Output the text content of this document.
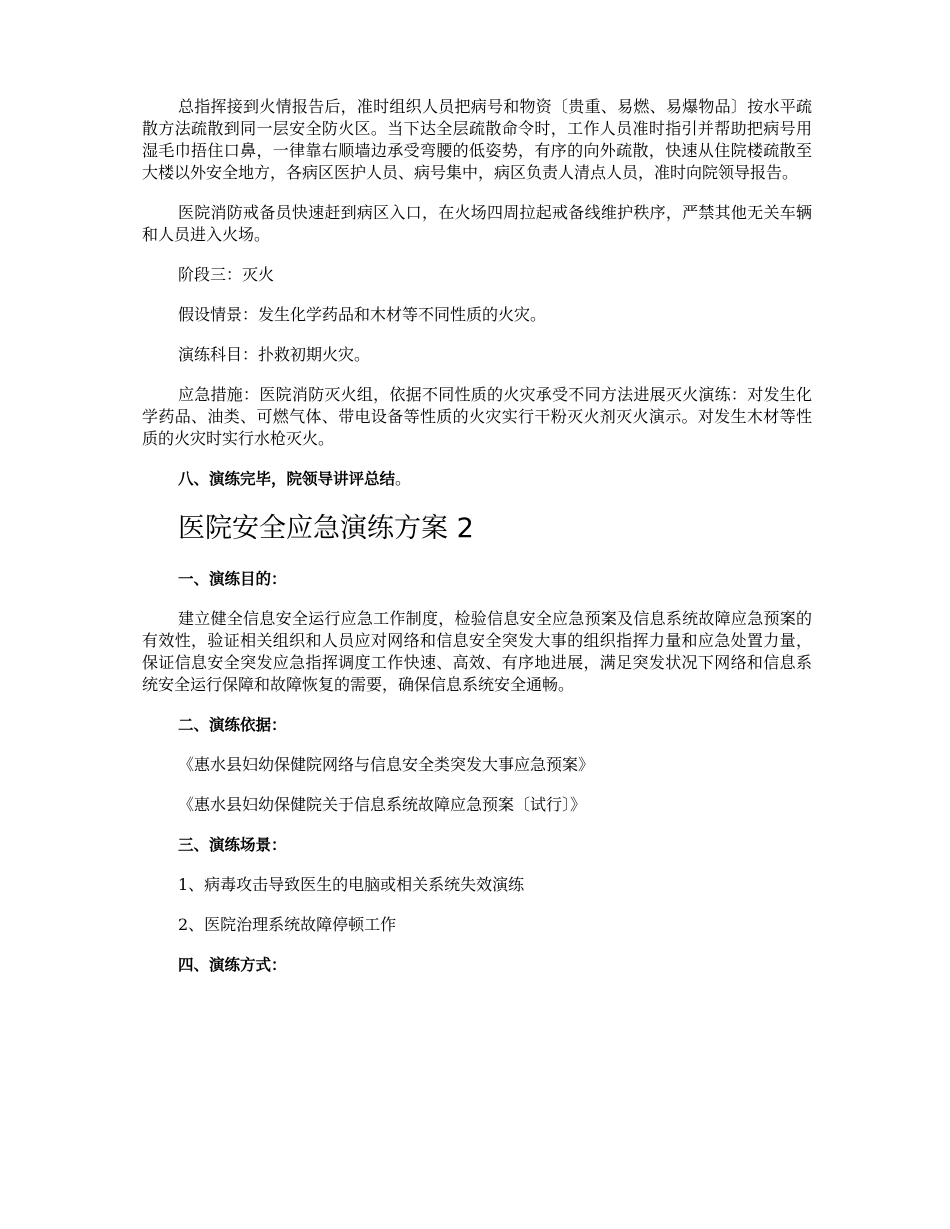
总指挥接到火情报告后，准时组织人员把病号和物资〔贵重、易燃、易爆物品〕按水平疏散方法疏散到同一层安全防火区。当下达全层疏散命令时，工作人员准时指引并帮助把病号用湿毛巾捂住口鼻，一律靠右顺墙边承受弯腰的低姿势，有序的向外疏散，快速从住院楼疏散至大楼以外安全地方，各病区医护人员、病号集中，病区负责人清点人员，准时向院领导报告。

医院消防戒备员快速赶到病区入口，在火场四周拉起戒备线维护秩序，严禁其他无关车辆和人员进入火场。

阶段三：灭火

假设情景：发生化学药品和木材等不同性质的火灾。

演练科目：扑救初期火灾。

应急措施：医院消防灭火组，依据不同性质的火灾承受不同方法进展灭火演练：对发生化学药品、油类、可燃气体、带电设备等性质的火灾实行干粉灭火剂灭火演示。对发生木材等性质的火灾时实行水枪灭火。

八、演练完毕，院领导讲评总结。

医院安全应急演练方案 2

一、演练目的：

建立健全信息安全运行应急工作制度，检验信息安全应急预案及信息系统故障应急预案的有效性，验证相关组织和人员应对网络和信息安全突发大事的组织指挥力量和应急处置力量，保证信息安全突发应急指挥调度工作快速、高效、有序地进展，满足突发状况下网络和信息系统安全运行保障和故障恢复的需要，确保信息系统安全通畅。

二、演练依据：

《惠水县妇幼保健院网络与信息安全类突发大事应急预案》

《惠水县妇幼保健院关于信息系统故障应急预案〔试行〕》

三、演练场景：

1、病毒攻击导致医生的电脑或相关系统失效演练

2、医院治理系统故障停顿工作

四、演练方式：
